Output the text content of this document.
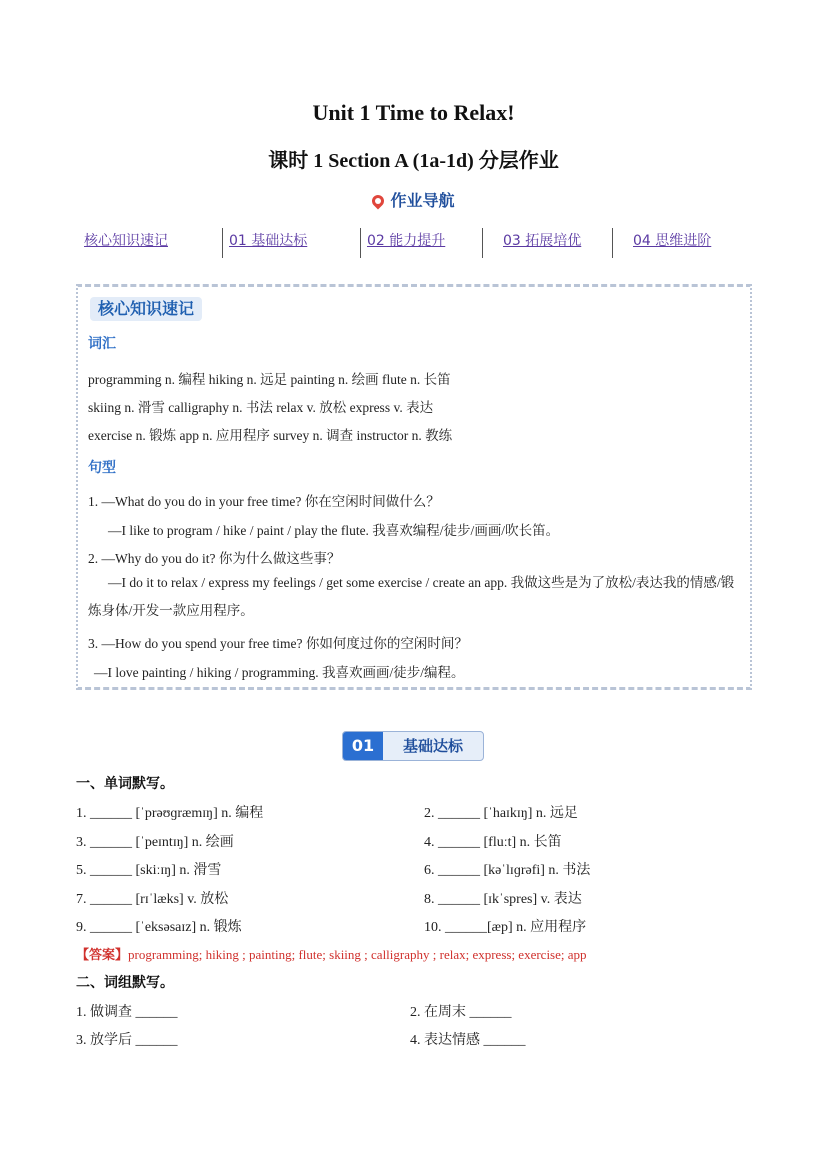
Unit 1 Time to Relax!
课时 1 Section A (1a-1d) 分层作业
作业导航
核心知识速记	01 基础达标	02 能力提升	03 拓展培优	04 思维进阶
核心知识速记
词汇
programming n. 编程 hiking n. 远足 painting n. 绘画 flute n. 长笛
skiing n. 滑雪 calligraphy n. 书法 relax v. 放松 express v. 表达
exercise n. 锻炼 app n. 应用程序 survey n. 调查 instructor n. 教练
句型
1. —What do you do in your free time? 你在空闲时间做什么？
—I like to program / hike / paint / play the flute. 我喜欢编程/徒步/画画/吹长笛。
2. —Why do you do it? 你为什么做这些事？
—I do it to relax / express my feelings / get some exercise / create an app. 我做这些是为了放松/表达我的情感/锻炼身体/开发一款应用程序。
3. —How do you spend your free time? 你如何度过你的空闲时间？
—I love painting / hiking / programming. 我喜欢画画/徒步/编程。
01	基础达标
一、单词默写。
1. ______ [ˈprəʊɡræmɪŋ] n. 编程	2. ______ [ˈhaɪkɪŋ] n. 远足
3. ______ [ˈpeɪntɪŋ] n. 绘画	4. ______ [fluːt] n. 长笛
5. ______ [skiːɪŋ] n. 滑雪	6. ______ [kəˈlɪɡrəfi] n. 书法
7. ______ [rɪˈlæks] v. 放松	8. ______ [ɪkˈspres] v. 表达
9. ______ [ˈeksəsaɪz] n. 锻炼	10. ______[æp] n. 应用程序
【答案】programming; hiking ; painting; flute; skiing ; calligraphy ; relax; express; exercise; app
二、词组默写。
1. 做调查 ______	2. 在周末 ______
3. 放学后 ______	4. 表达情感 ______
